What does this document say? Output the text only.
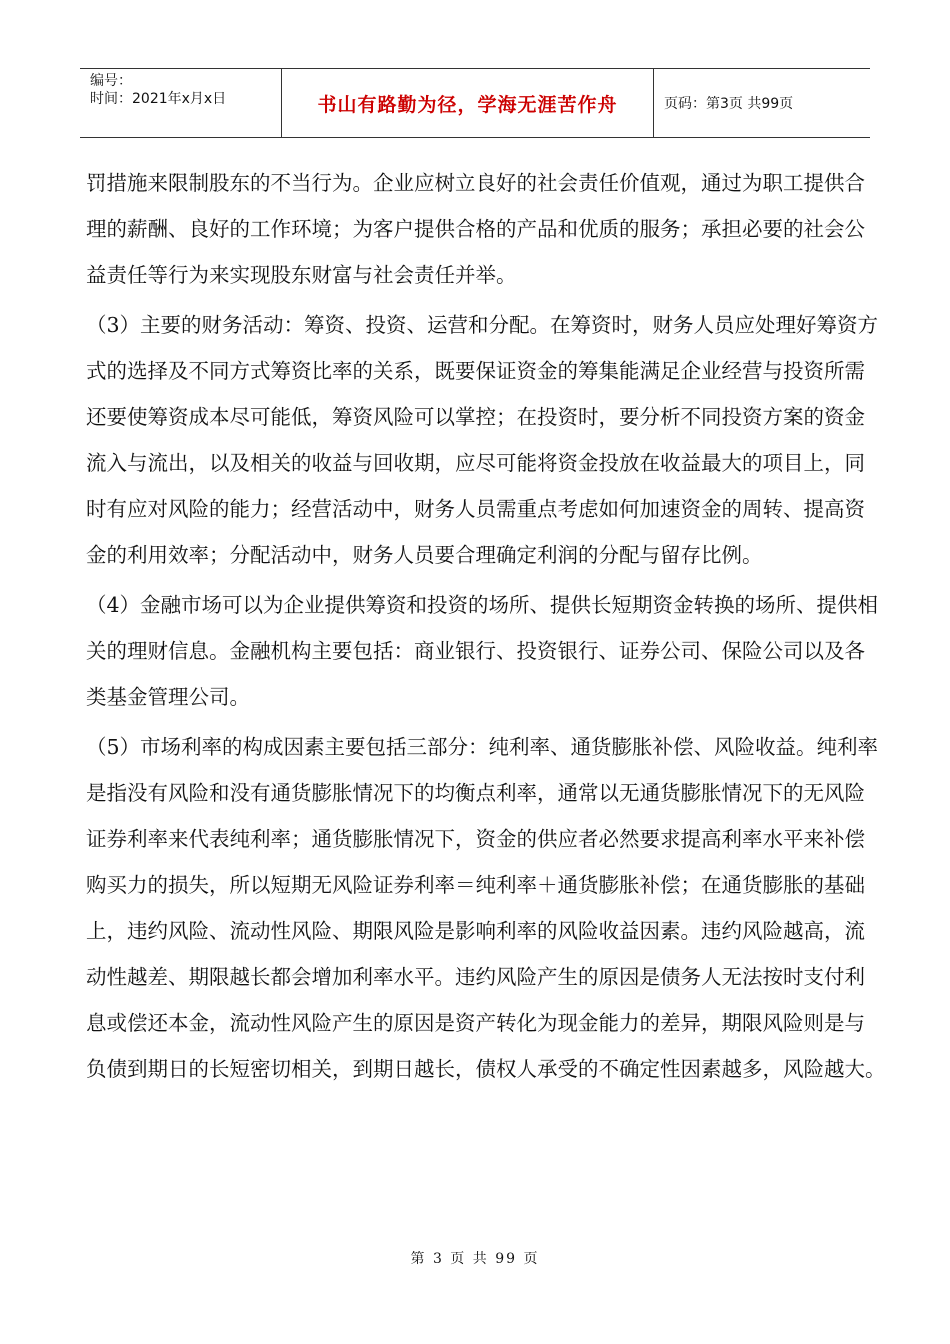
编号：
时间：2021年x月x日	书山有路勤为径，学海无涯苦作舟	页码：第3页 共99页
罚措施来限制股东的不当行为。企业应树立良好的社会责任价值观，通过为职工提供合
理的薪酬、良好的工作环境；为客户提供合格的产品和优质的服务；承担必要的社会公
益责任等行为来实现股东财富与社会责任并举。
（3）主要的财务活动：筹资、投资、运营和分配。在筹资时，财务人员应处理好筹资方
式的选择及不同方式筹资比率的关系，既要保证资金的筹集能满足企业经营与投资所需
还要使筹资成本尽可能低，筹资风险可以掌控；在投资时，要分析不同投资方案的资金
流入与流出，以及相关的收益与回收期，应尽可能将资金投放在收益最大的项目上，同
时有应对风险的能力；经营活动中，财务人员需重点考虑如何加速资金的周转、提高资
金的利用效率；分配活动中，财务人员要合理确定利润的分配与留存比例。
（4）金融市场可以为企业提供筹资和投资的场所、提供长短期资金转换的场所、提供相
关的理财信息。金融机构主要包括：商业银行、投资银行、证券公司、保险公司以及各
类基金管理公司。
（5）市场利率的构成因素主要包括三部分：纯利率、通货膨胀补偿、风险收益。纯利率
是指没有风险和没有通货膨胀情况下的均衡点利率，通常以无通货膨胀情况下的无风险
证券利率来代表纯利率；通货膨胀情况下，资金的供应者必然要求提高利率水平来补偿
购买力的损失，所以短期无风险证券利率＝纯利率＋通货膨胀补偿；在通货膨胀的基础
上，违约风险、流动性风险、期限风险是影响利率的风险收益因素。违约风险越高，流
动性越差、期限越长都会增加利率水平。违约风险产生的原因是债务人无法按时支付利
息或偿还本金，流动性风险产生的原因是资产转化为现金能力的差异，期限风险则是与
负债到期日的长短密切相关，到期日越长，债权人承受的不确定性因素越多，风险越大。
第 3 页 共 99 页
